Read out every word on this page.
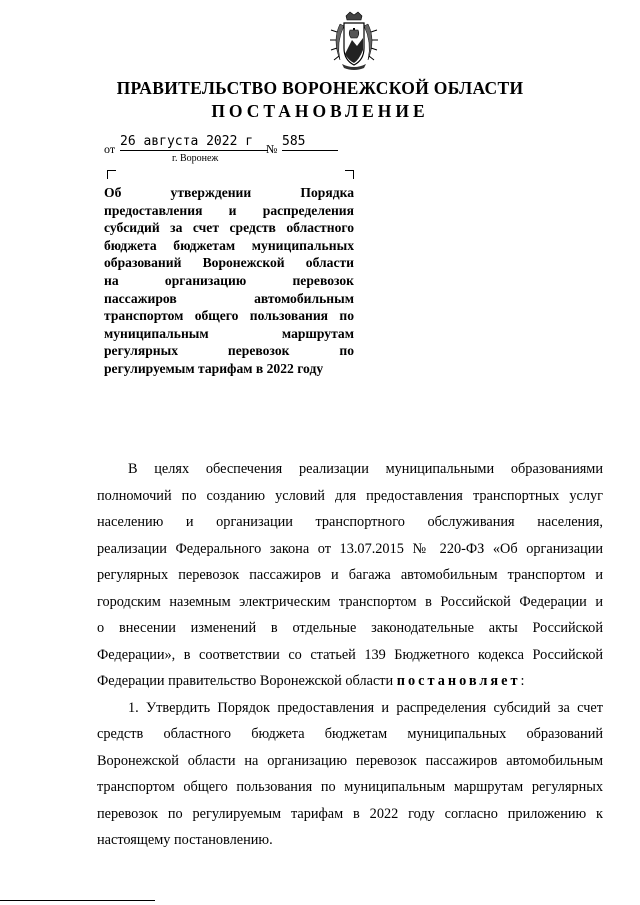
ПРАВИТЕЛЬСТВО ВОРОНЕЖСКОЙ ОБЛАСТИ
ПОСТАНОВЛЕНИЕ
от 26 августа 2022 г	№ 585
г. Воронеж
Об утверждении Порядка
предоставления и распределения
субсидий за счет средств областного
бюджета бюджетам муниципальных
образований Воронежской области
на организацию перевозок
пассажиров автомобильным
транспортом общего пользования по
муниципальным маршрутам
регулярных перевозок по
регулируемым тарифам в 2022 году
В целях обеспечения реализации муниципальными образованиями
полномочий по созданию условий для предоставления транспортных услуг
населению и организации транспортного обслуживания населения,
реализации Федерального закона от 13.07.2015 № 220-ФЗ «Об организации
регулярных перевозок пассажиров и багажа автомобильным транспортом и
городским наземным электрическим транспортом в Российской Федерации и
о внесении изменений в отдельные законодательные акты Российской
Федерации», в соответствии со статьей 139 Бюджетного кодекса Российской
Федерации правительство Воронежской области постановляет:
1. Утвердить Порядок предоставления и распределения субсидий за счет
средств областного бюджета бюджетам муниципальных образований
Воронежской области на организацию перевозок пассажиров автомобильным
транспортом общего пользования по муниципальным маршрутам регулярных
перевозок по регулируемым тарифам в 2022 году согласно приложению к
настоящему постановлению.
